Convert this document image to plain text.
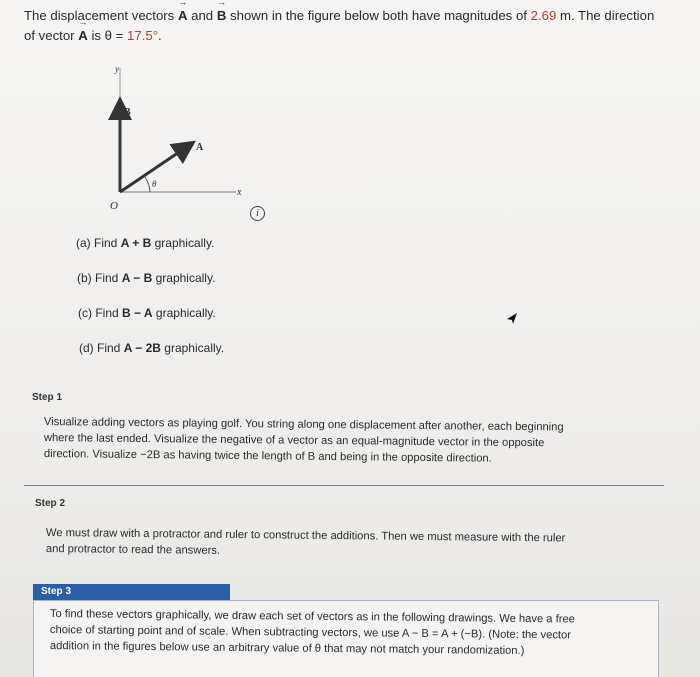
The displacement vectors → A and → B shown in the figure below both have magnitudes of 2.69 m. The direction
of vector → A is θ = 17.5°.
y
x
O
θ
A
B
i
(a) Find A + B graphically.
(b) Find A − B graphically.
(c) Find B − A graphically.
(d) Find A − 2B graphically.
Step 1
Visualize adding vectors as playing golf. You string along one displacement after another, each beginning
where the last ended. Visualize the negative of a vector as an equal-magnitude vector in the opposite
direction. Visualize −2B as having twice the length of B and being in the opposite direction.
Step 2
We must draw with a protractor and ruler to construct the additions. Then we must measure with the ruler
and protractor to read the answers.
Step 3
To find these vectors graphically, we draw each set of vectors as in the following drawings. We have a free
choice of starting point and of scale. When subtracting vectors, we use A − B = A + (−B). (Note: the vector
addition in the figures below use an arbitrary value of θ that may not match your randomization.)
